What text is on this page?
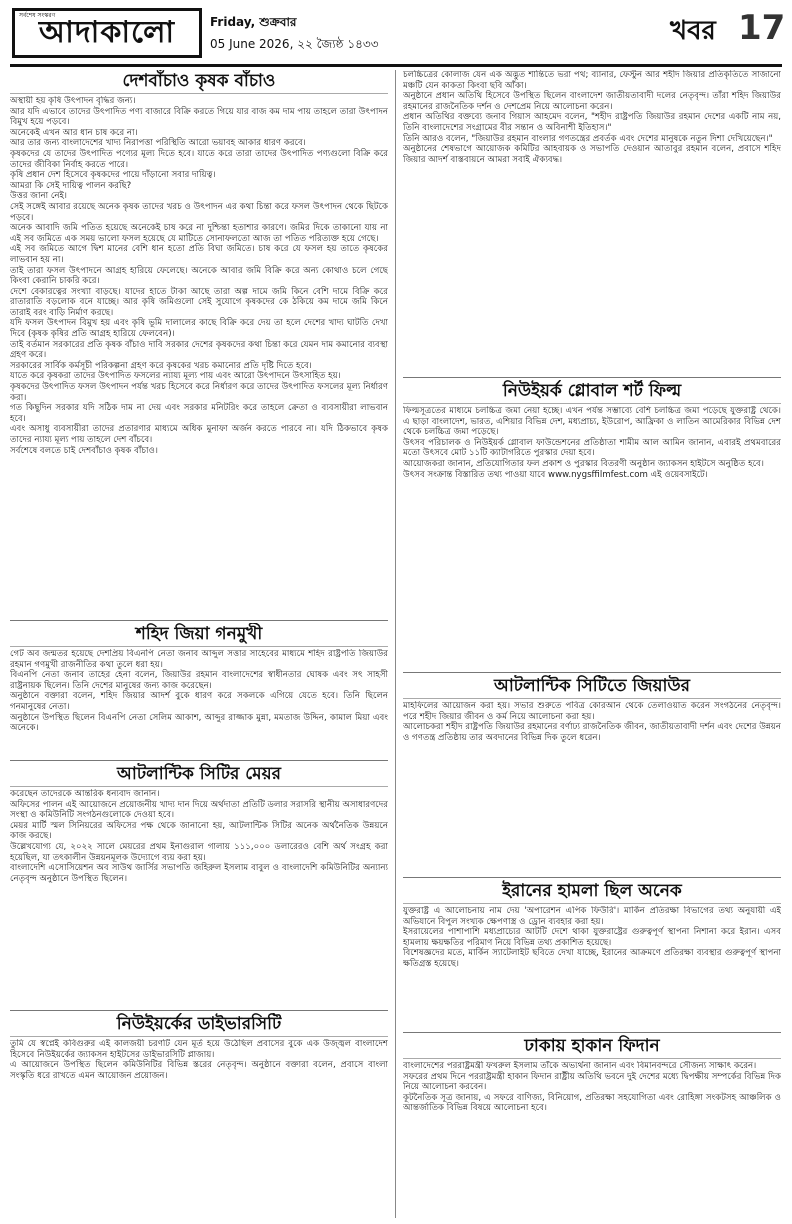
সর্বশেষ সংস্করণ
আদাকালো	Friday, শুক্রবার
05 June 2026, ২২ জ্যৈষ্ঠ ১৪৩৩	খবর 17
দেশবাঁচাও কৃষক বাঁচাও
অস্থায়ী হয় কৃষি উৎপাদন বৃদ্ধির জন্য।
আর যদি এভাবে তাদের উৎপাদিত পণ্য বাজারে বিক্রি করতে গিয়ে যার বাজ কম দাম পায় তাহলে তারা উৎপাদন বিমুখ হয়ে পড়বে।
অনেকেই এখন আর ধান চাষ করে না।
আর তার জন্য বাংলাদেশের খাদ্য নিরাপত্তা পরিস্থিতি আরো ভয়াবহ আকার ধারণ করবে।
কৃষকদের যে তাদের উৎপাদিত পণ্যের মূল্য দিতে হবে। যাতে করে তারা তাদের উৎপাদিত পণ্যগুলো বিক্রি করে তাদের জীবিকা নির্বাহ করতে পারে।
কৃষি প্রধান দেশ হিসেবে কৃষকদের পায়ে দাঁড়ানো সবার দায়িত্ব।
আমরা কি সেই দায়িত্ব পালন করছি?
উত্তর জানা নেই।
সেই সঙ্গেই আবার রয়েছে অনেক কৃষক তাদের খরচ ও উৎপাদন এর কথা চিন্তা করে ফসল উৎপাদন থেকে ছিটকে পড়বে।
অনেক আবাদি জমি পতিত হয়েছে অনেকেই চাষ করে না দুশ্চিন্তা হতাশার কারণে। জমির দিকে তাকানো যায় না এই সব জমিতে এক সময় ভালো ফসল হয়েছে যে মাটিতে সোনাফলতো আজ তা পতিত পরিত্যক্ত হয়ে গেছে।
এই সব জমিতে আগে দ্বিশ মানের বেশি ধান হতো প্রতি বিঘা জমিতে। চাষ করে যে ফসল হয় তাতে কৃষকের লাভবান হয় না।
তাই তারা ফসল উৎপাদনে আগ্রহ হারিয়ে ফেলেছে। অনেকে আবার জমি বিক্রি করে অন্য কোথাও চলে গেছে কিংবা কেরানি চাকরি করে।
দেশে বেকারত্বের সংখ্যা বাড়ছে। যাদের হাতে টাকা আছে তারা অল্প দামে জমি কিনে বেশি দামে বিক্রি করে রাতারাতি বড়লোক বনে যাচ্ছে। আর কৃষি জমিগুলো সেই সুযোগে কৃষকদের কে ঠকিয়ে কম দামে জমি কিনে তারাই বরং বাড়ি নির্মাণ করছে।
যদি ফসল উৎপাদন বিমুখ হয় এবং কৃষি ভূমি দালালের কাছে বিক্রি করে দেয় তা হলে দেশের খাদ্য ঘাটতি দেখা দিবে (কৃষক কৃষির প্রতি আগ্রহ হারিয়ে ফেলবেন)।
তাই বর্তমান সরকারের প্রতি কৃষক বাঁচাও দাবি সরকার দেশের কৃষকদের কথা চিন্তা করে যেমন দাম কমানোর ব্যবস্থা গ্রহণ করে।
সরকারের সার্বিক কর্মসূচী পরিকল্পনা গ্রহণ করে কৃষকের খরচ কমানোর প্রতি দৃষ্টি দিতে হবে।
যাতে করে কৃষকরা তাদের উৎপাদিত ফসলের ন্যায্য মূল্য পায় এবং আরো উৎপাদনে উৎসাহিত হয়।
কৃষকদের উৎপাদিত ফসল উৎপাদন পর্যন্ত খরচ হিসেবে করে নির্ধারণ করে তাদের উৎপাদিত ফসলের মূল্য নির্ধারণ করা।
গত কিছুদিন সরকার যদি সঠিক দাম না দেয় এবং সরকার মনিটরিং করে তাহলে ক্রেতা ও ব্যবসায়ীরা লাভবান হবে।
এবং অসাধু ব্যবসায়ীরা তাদের প্রতারণার মাধ্যমে অধিক মুনাফা অর্জন করতে পারবে না। যদি ঠিকভাবে কৃষক তাদের ন্যায্য মূল্য পায় তাহলে দেশ বাঁচবে।
সর্বশেষে বলতে চাই দেশবাঁচাও কৃষক বাঁচাও।
শহিদ জিয়া গনমুখী
গেট অব জন্মতর হয়েছে দেশপ্রিয় বিএনপি নেতা জনাব আব্দুল সত্তার সাহেবের মাধ্যমে শহিদ রাষ্ট্রপতি জিয়াউর রহমান গণমুখী রাজনীতির কথা তুলে ধরা হয়।
বিএনপি নেতা জনাব তাহের হেনা বলেন, জিয়াউর রহমান বাংলাদেশের স্বাধীনতার ঘোষক এবং সৎ সাহসী রাষ্ট্রনায়ক ছিলেন। তিনি দেশের মানুষের জন্য কাজ করেছেন।
অনুষ্ঠানে বক্তারা বলেন, শহিদ জিয়ার আদর্শ বুকে ধারণ করে সকলকে এগিয়ে যেতে হবে। তিনি ছিলেন গনমানুষের নেতা।
অনুষ্ঠানে উপস্থিত ছিলেন বিএনপি নেতা সেলিম আকাশ, আব্দুর রাজ্জাক মুন্না, মমতাজ উদ্দিন, কামাল মিয়া এবং অনেকে।
আটলান্টিক সিটির মেয়র
করেছেন তাদেরকে আন্তরিক ধন্যবাদ জানান।
অফিসের পালন এই আয়োজনে প্রয়োজনীয় খাদ্য দান দিয়ে অর্থদাতা প্রতিটি ডলার সরাসরি স্থানীয় অসাধারণদের সংস্থা ও কমিউনিটি সংগঠনগুলোকে দেওয়া হবে।
মেয়র মার্টি স্মল সিনিয়রের অফিসের পক্ষ থেকে জানানো হয়, আটলান্টিক সিটির অনেক অর্থনৈতিক উন্নয়নে কাজ করছে।
উল্লেখযোগ্য যে, ২০২২ সালে মেয়রের প্রথম ইনাগুরাল গালায় ১১১,০০০ ডলারেরও বেশি অর্থ সংগ্রহ করা হয়েছিল, যা তৎকালীন উন্নয়নমূলক উদ্যোগে ব্যয় করা হয়।
বাংলাদেশি এসোসিয়েশন অব সাউথ জার্সির সভাপতি জহিরুল ইসলাম বাবুল ও বাংলাদেশি কমিউনিটির অন্যান্য নেতৃবৃন্দ অনুষ্ঠানে উপস্থিত ছিলেন।
নিউইয়র্কের ডাইভারসিটি
তুমি যে স্বপ্নেই কবিগুরুর এই কালজয়ী চরণটি যেন মূর্ত হয়ে উঠেছিল প্রবাসের বুকে এক উজ্জ্বল বাংলাদেশ হিসেবে নিউইয়র্কের জ্যাকসন হাইটসের ডাইভারসিটি প্লাজায়।
এ আয়োজনে উপস্থিত ছিলেন কমিউনিটির বিভিন্ন স্তরের নেতৃবৃন্দ। অনুষ্ঠানে বক্তারা বলেন, প্রবাসে বাংলা সংস্কৃতি ধরে রাখতে এমন আয়োজন প্রয়োজন।
চলচ্চিত্রের কোলাজ যেন এক অদ্ভুত শান্তিতে ভরা পথ; ব্যানার, ফেস্টুন আর শহীদ জিয়ার প্রতিকৃতিতে সাজানো মঞ্চটি যেন কাকতা কিংবা ছবি আঁকা।
অনুষ্ঠানে প্রধান অতিথি হিসেবে উপস্থিত ছিলেন বাংলাদেশ জাতীয়তাবাদী দলের নেতৃবৃন্দ। তাঁরা শহিদ জিয়াউর রহমানের রাজনৈতিক দর্শন ও দেশপ্রেম নিয়ে আলোচনা করেন।
প্রধান অতিথির বক্তব্যে জনাব গিয়াস আহমেদ বলেন, "শহীদ রাষ্ট্রপতি জিয়াউর রহমান দেশের একটি নাম নয়, তিনি বাংলাদেশের সংগ্রামের বীর সন্তান ও অবিনাশী ইতিহাস।"
তিনি আরও বলেন, "জিয়াউর রহমান বাংলার গণতন্ত্রের প্রবর্তক এবং দেশের মানুষকে নতুন দিশা দেখিয়েছেন।"
অনুষ্ঠানের শেষভাগে আয়োজক কমিটির আহবায়ক ও সভাপতি দেওয়ান আতাবুর রহমান বলেন, প্রবাসে শহিদ জিয়ার আদর্শ বাস্তবায়নে আমরা সবাই ঐক্যবদ্ধ।
নিউইয়র্ক গ্লোবাল শর্ট ফিল্ম
ফিল্মসূত্রতের মাধ্যমে চলচ্চিত্র জমা নেয়া হচ্ছে। এখন পর্যন্ত সম্ভাব্যে বেশি চলচ্চিত্র জমা পড়েছে যুক্তরাষ্ট্র থেকে। এ ছাড়া বাংলাদেশ, ভারত, এশিয়ার বিভিন্ন দেশ, মধ্যপ্রাচ্য, ইউরোপ, আফ্রিকা ও লাতিন আমেরিকার বিভিন্ন দেশ থেকে চলচ্চিত্র জমা পড়েছে।
উৎসব পরিচালক ও নিউইয়র্ক গ্লোবাল ফাউন্ডেশনের প্রতিষ্ঠাতা শামীম আল আমিন জানান, এবারই প্রথমবারের মতো উৎসবে মোট ১১টি ক্যাটাগরিতে পুরস্কার দেয়া হবে।
আয়োজকরা জানান, প্রতিযোগিতার ফল প্রকাশ ও পুরস্কার বিতরণী অনুষ্ঠান জ্যাকসন হাইটসে অনুষ্ঠিত হবে।
উৎসব সংক্রান্ত বিস্তারিত তথ্য পাওয়া যাবে www.nygsffilmfest.com এই ওয়েবসাইটে।
আটলান্টিক সিটিতে জিয়াউর
মাহফিলের আয়োজন করা হয়। সভার শুরুতে পবিত্র কোরআন থেকে তেলাওয়াত করেন সংগঠনের নেতৃবৃন্দ। পরে শহীদ জিয়ার জীবন ও কর্ম নিয়ে আলোচনা করা হয়।
আলোচকরা শহীদ রাষ্ট্রপতি জিয়াউর রহমানের বর্ণাঢ্য রাজনৈতিক জীবন, জাতীয়তাবাদী দর্শন এবং দেশের উন্নয়ন ও গণতন্ত্র প্রতিষ্ঠায় তার অবদানের বিভিন্ন দিক তুলে ধরেন।
ইরানের হামলা ছিল অনেক
যুক্তরাষ্ট্র এ আলোচনায় নাম দেয় 'অপারেশন এপিক ফিউরি'। মার্কিন প্রতিরক্ষা বিভাগের তথ্য অনুযায়ী এই অভিযানে বিপুল সংখ্যক ক্ষেপণাস্ত্র ও ড্রোন ব্যবহার করা হয়।
ইসরায়েলের পাশাপাশি মধ্যপ্রাচ্যের আটটি দেশে থাকা যুক্তরাষ্ট্রের গুরুত্বপূর্ণ স্থাপনা নিশানা করে ইরান। এসব হামলায় ক্ষয়ক্ষতির পরিমাণ নিয়ে বিভিন্ন তথ্য প্রকাশিত হয়েছে।
বিশেষজ্ঞদের মতে, মার্কিন স্যাটেলাইট ছবিতে দেখা যাচ্ছে, ইরানের আক্রমণে প্রতিরক্ষা ব্যবস্থার গুরুত্বপূর্ণ স্থাপনা ক্ষতিগ্রস্ত হয়েছে।
ঢাকায় হাকান ফিদান
বাংলাদেশের পররাষ্ট্রমন্ত্রী ফখরুল ইসলাম তাঁকে অভ্যর্থনা জানান এবং বিমানবন্দরে সৌজন্য সাক্ষাৎ করেন।
সফরের প্রথম দিনে পররাষ্ট্রমন্ত্রী হাকান ফিদান রাষ্ট্রীয় অতিথি ভবনে দুই দেশের মধ্যে দ্বিপক্ষীয় সম্পর্কের বিভিন্ন দিক নিয়ে আলোচনা করবেন।
কূটনৈতিক সূত্র জানায়, এ সফরে বাণিজ্য, বিনিয়োগ, প্রতিরক্ষা সহযোগিতা এবং রোহিঙ্গা সংকটসহ আঞ্চলিক ও আন্তর্জাতিক বিভিন্ন বিষয়ে আলোচনা হবে।
